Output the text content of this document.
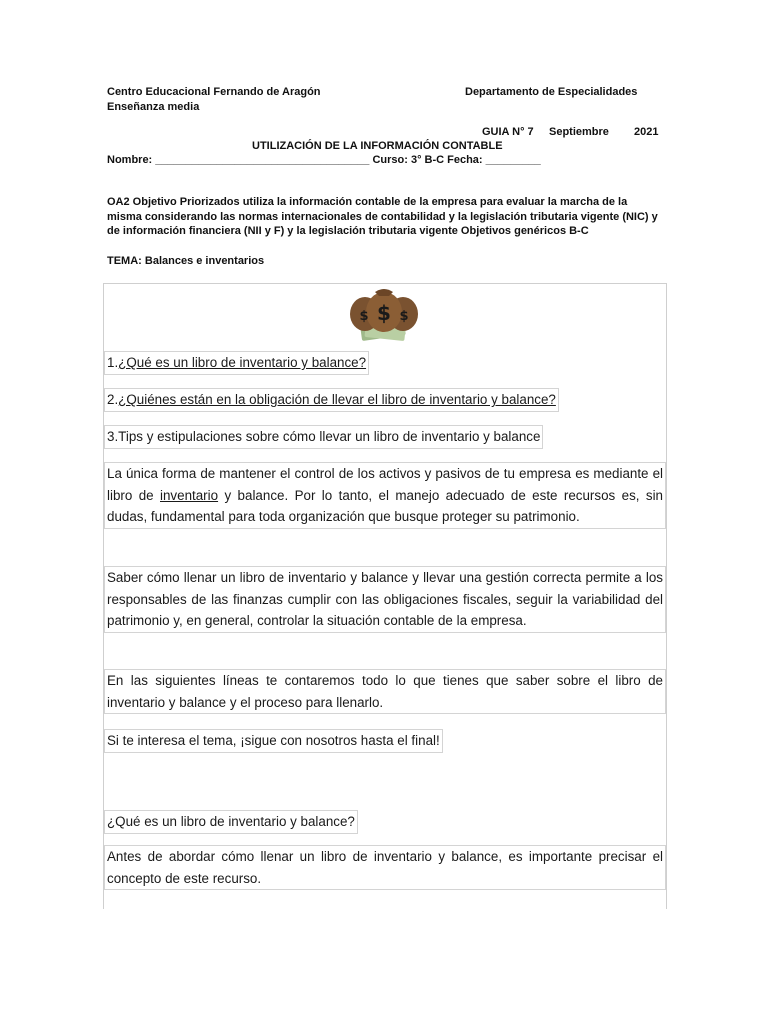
Centro Educacional Fernando de Aragón	Departamento de Especialidades
Enseñanza media
GUIA N° 7 Septiembre 2021
UTILIZACIÓN DE LA INFORMACIÓN CONTABLE
Nombre: ___________________________________ Curso: 3° B-C Fecha: _________
OA2 Objetivo Priorizados utiliza la información contable de la empresa para evaluar la marcha de la misma considerando las normas internacionales de contabilidad y la legislación tributaria vigente (NIC) y de información financiera (NII y F) y la legislación tributaria vigente Objetivos genéricos B-C
TEMA: Balances e inventarios
$
$ $
1.¿Qué es un libro de inventario y balance?
2.¿Quiénes están en la obligación de llevar el libro de inventario y balance?
3.Tips y estipulaciones sobre cómo llevar un libro de inventario y balance
La única forma de mantener el control de los activos y pasivos de tu empresa es mediante el libro de inventario y balance. Por lo tanto, el manejo adecuado de este recursos es, sin dudas, fundamental para toda organización que busque proteger su patrimonio.
Saber cómo llenar un libro de inventario y balance y llevar una gestión correcta permite a los responsables de las finanzas cumplir con las obligaciones fiscales, seguir la variabilidad del patrimonio y, en general, controlar la situación contable de la empresa.
En las siguientes líneas te contaremos todo lo que tienes que saber sobre el libro de inventario y balance y el proceso para llenarlo.
Si te interesa el tema, ¡sigue con nosotros hasta el final!
¿Qué es un libro de inventario y balance?
Antes de abordar cómo llenar un libro de inventario y balance, es importante precisar el concepto de este recurso.
